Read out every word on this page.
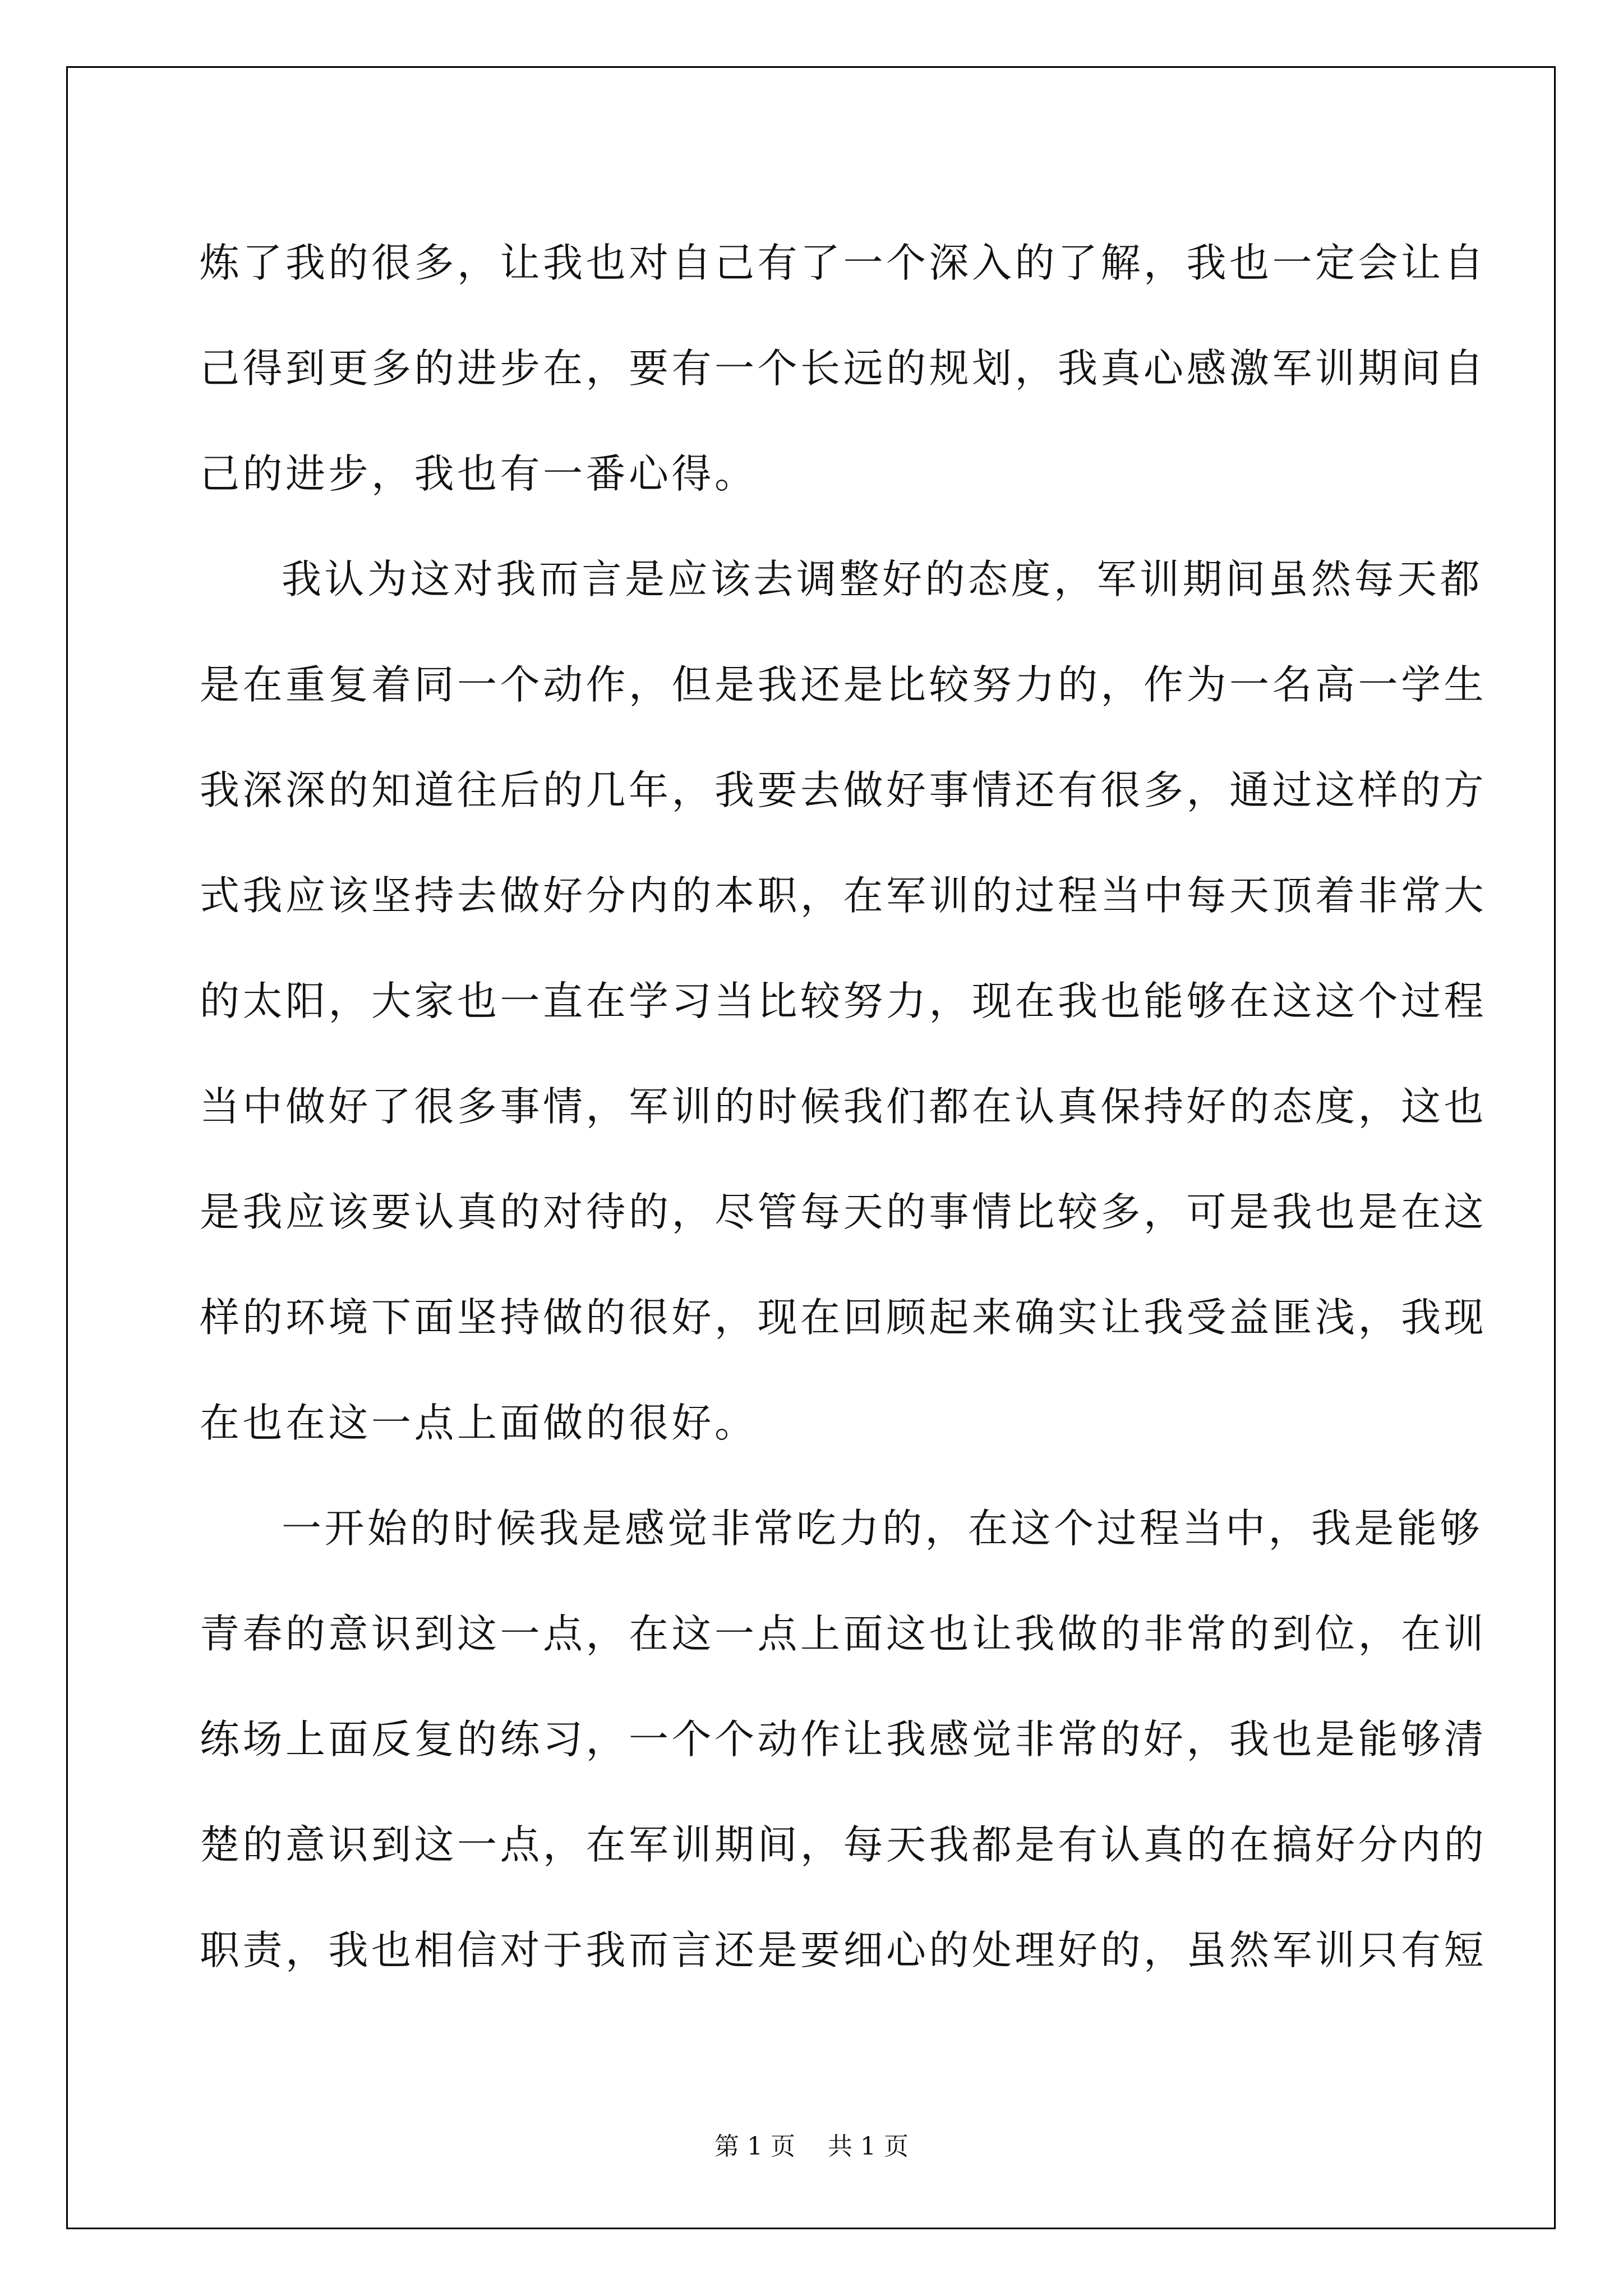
炼了我的很多，让我也对自己有了一个深入的了解，我也一定会让自
己得到更多的进步在，要有一个长远的规划，我真心感激军训期间自
己的进步，我也有一番心得。
我认为这对我而言是应该去调整好的态度，军训期间虽然每天都
是在重复着同一个动作，但是我还是比较努力的，作为一名高一学生
我深深的知道往后的几年，我要去做好事情还有很多，通过这样的方
式我应该坚持去做好分内的本职，在军训的过程当中每天顶着非常大
的太阳，大家也一直在学习当比较努力，现在我也能够在这这个过程
当中做好了很多事情，军训的时候我们都在认真保持好的态度，这也
是我应该要认真的对待的，尽管每天的事情比较多，可是我也是在这
样的环境下面坚持做的很好，现在回顾起来确实让我受益匪浅，我现
在也在这一点上面做的很好。
一开始的时候我是感觉非常吃力的，在这个过程当中，我是能够
青春的意识到这一点，在这一点上面这也让我做的非常的到位，在训
练场上面反复的练习，一个个动作让我感觉非常的好，我也是能够清
楚的意识到这一点，在军训期间，每天我都是有认真的在搞好分内的
职责，我也相信对于我而言还是要细心的处理好的，虽然军训只有短
第 1 页　 共 1 页
